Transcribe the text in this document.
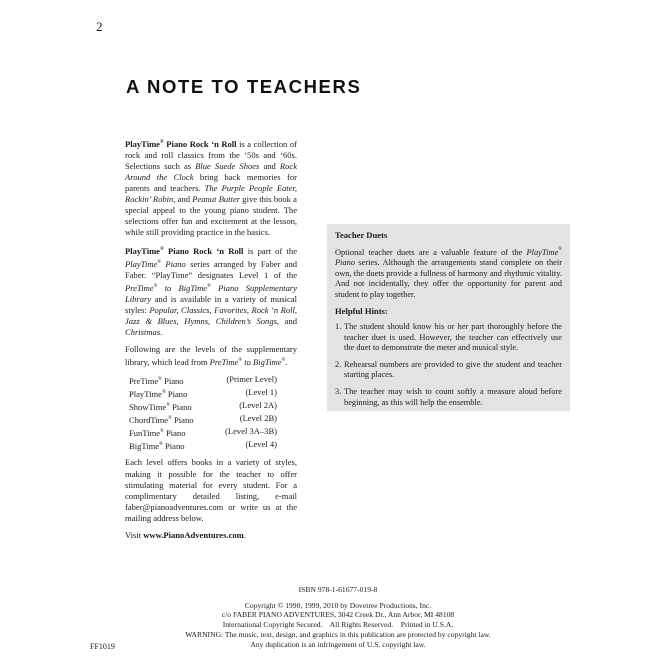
2
A NOTE TO TEACHERS

PlayTime® Piano Rock ‘n Roll is a collection of rock and roll classics from the ‘50s and ‘60s. Selections such as Blue Suede Shoes and Rock Around the Clock bring back memories for parents and teachers. The Purple People Eater, Rockin’ Robin, and Peanut Butter give this book a special appeal to the young piano student. The selections offer fun and excitement at the lesson, while still providing practice in the basics.

PlayTime® Piano Rock ‘n Roll is part of the PlayTime® Piano series arranged by Faber and Faber. “PlayTime” designates Level 1 of the PreTime® to BigTime® Piano Supplementary Library and is available in a variety of musical styles: Popular, Classics, Favorites, Rock ‘n Roll, Jazz & Blues, Hymns, Children’s Songs, and Christmas.

Following are the levels of the supplementary library, which lead from PreTime® to BigTime®.

PreTime® Piano	(Primer Level)
PlayTime® Piano	(Level 1)
ShowTime® Piano	(Level 2A)
ChordTime® Piano	(Level 2B)
FunTime® Piano	(Level 3A–3B)
BigTime® Piano	(Level 4)

Each level offers books in a variety of styles, making it possible for the teacher to offer stimulating material for every student. For a complimentary detailed listing, e-mail faber@pianoadventures.com or write us at the mailing address below.

Visit www.PianoAdventures.com.

Teacher Duets

Optional teacher duets are a valuable feature of the PlayTime® Piano series. Although the arrangements stand complete on their own, the duets provide a fullness of harmony and rhythmic vitality. And not incidentally, they offer the opportunity for parent and student to play together.

Helpful Hints:
1. The student should know his or her part thoroughly before the teacher duet is used. However, the teacher can effectively use the duet to demonstrate the meter and musical style.
2. Rehearsal numbers are provided to give the student and teacher starting places.
3. The teacher may wish to count softly a measure aloud before beginning, as this will help the ensemble.
ISBN 978-1-61677-019-8
Copyright © 1990, 1999, 2010 by Dovetree Productions, Inc.
c/o FABER PIANO ADVENTURES, 3042 Creek Dr., Ann Arbor, MI 48108
International Copyright Secured.    All Rights Reserved.    Printed in U.S.A.
WARNING: The music, text, design, and graphics in this publication are protected by copyright law.
Any duplication is an infringement of U.S. copyright law.
FF1019
